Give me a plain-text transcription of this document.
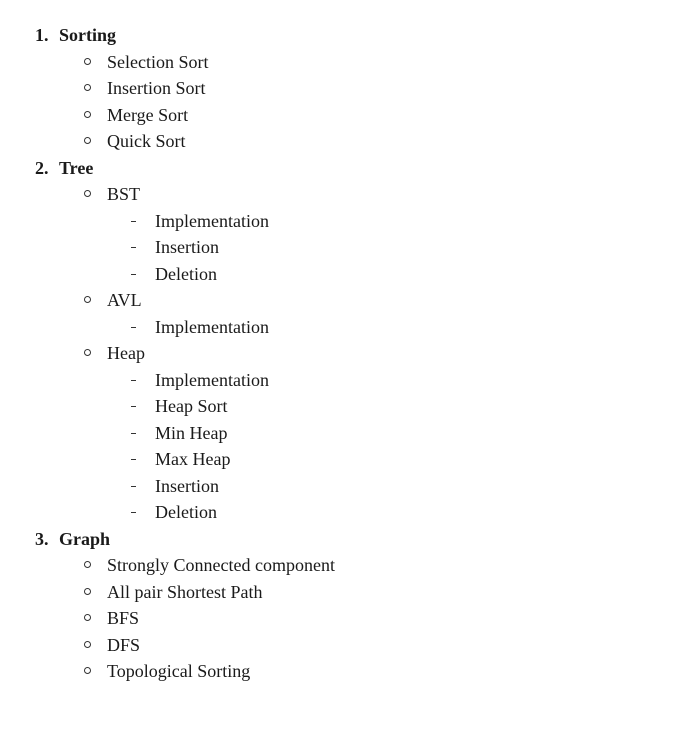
1. Sorting
Selection Sort
Insertion Sort
Merge Sort
Quick Sort
2. Tree
BST
Implementation
Insertion
Deletion
AVL
Implementation
Heap
Implementation
Heap Sort
Min Heap
Max Heap
Insertion
Deletion
3. Graph
Strongly Connected component
All pair Shortest Path
BFS
DFS
Topological Sorting
